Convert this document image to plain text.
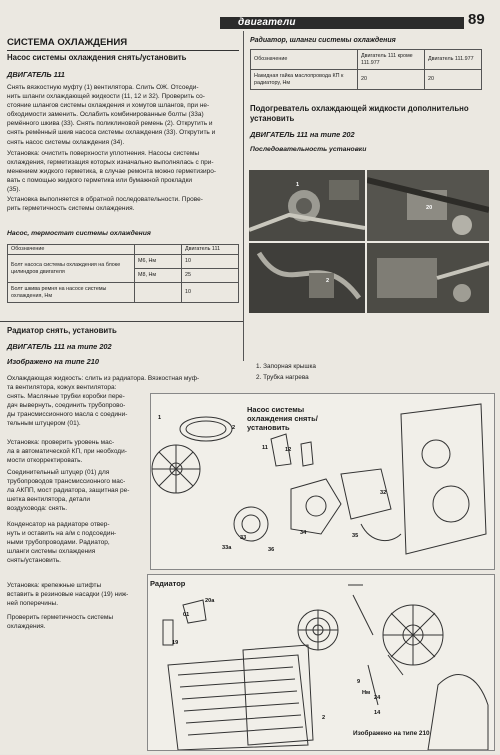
двигатели	89
СИСТЕМА ОХЛАЖДЕНИЯ
Насос системы охлаждения снять/установить
ДВИГАТЕЛЬ 111
Снять вязкостную муфту (1) вентилятора. Слить ОЖ. Отсоеди-
нить шланги охлаждающей жидкости (11, 12 и 32). Проверить со-
стояние шлангов системы охлаждения и хомутов шлангов, при не-
обходимости заменить. Ослабить комбинированные болты (33а)
ремённого шкива (33). Снять поликлиновой ремень (2). Открутить и
снять ремённый шкив насоса системы охлаждения (33). Открутить и
снять насос системы охлаждения (34).
Установка: очистить поверхности уплотнения. Насосы системы
охлаждения, герметизация которых изначально выполнялась с при-
менением жидкого герметика, в случае ремонта можно герметизиро-
вать с помощью жидкого герметика или бумажной прокладки
(35).
Установка выполняется в обратной последовательности. Прове-
рить герметичность системы охлаждения.
Насос, термостат системы охлаждения
Обозначение		Двигатель 111
Болт насоса системы охлаждения на блоке цилиндров двигателя	М6, Нм	10
	М8, Нм	25
Болт шкива ремня на насосе системы охлаждения, Нм		10
Радиатор снять, установить
ДВИГАТЕЛЬ 111 на типе 202
Изображено на типе 210
Охлаждающая жидкость: слить из радиатора. Вязкостная муф-
та вентилятора, кожух вентилятора:
снять. Масляные трубки коробки пере-
дач вывернуть, соединить трубопрово-
ды трансмиссионного масла с соедини-
тельным штуцером (01).
Установка: проверить уровень мас-
ла в автоматической КП, при необходи-
мости откорректировать.
Соединительный штуцер (01) для
трубопроводов трансмиссионного мас-
ла АКПП, мост радиатора, защитная ре-
шетка вентилятора, детали
воздуховода: снять.
Конденсатор на радиаторе отвер-
нуть и оставить на а/м с подсоедин-
ными трубопроводами. Радиатор,
шланги системы охлаждения
снять/установить.
Установка: крепежные штифты
вставить в резиновые насадки (19) ниж-
ней поперечины.
Проверить герметичность системы
охлаждения.
Радиатор, шланги системы охлаждения
Обозначение	Двигатель 111 кроме 111.977	Двигатель 111.977
Накидная гайка маслопровода КП к радиатору, Нм	20	20
Подогреватель охлаждающей жидкости дополнительно установить
ДВИГАТЕЛЬ 111 на типе 202
Последовательность установки
1
2
20
1. Запорная крышка
2. Трубка нагрева
Насос системы охлаждения снять/установить
1
2
11	12
32
33
33a
34	35
36
Радиатор
Изображено на типе 210
01
19
20а
24
14
2
9
Нм
